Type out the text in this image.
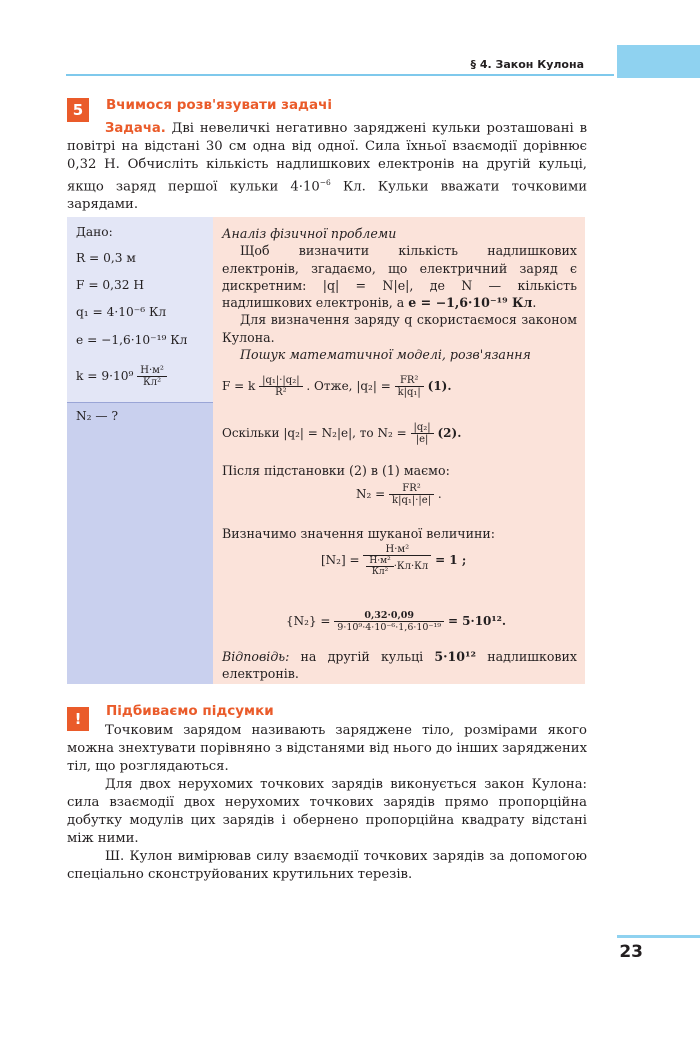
§ 4. Закон Кулона
5	Вчимося розв'язувати задачі

Задача. Дві невеличкі негативно заряджені кульки розташовані в повітрі на відстані 30 см одна від одної. Сила їхньої взаємодії дорівнює 0,32 Н. Обчисліть кількість надлишкових електронів на другій кульці, якщо заряд першої кульки $4\cdot 10^{-6}$ Кл. Кульки вважати точковими зарядами.

Дано:
R = 0,3 м
F = 0,32 Н
q₁ = 4·10⁻⁶ Кл
e = −1,6·10⁻¹⁹ Кл
$k = 9\cdot 10^9 \frac{\text{Н·м²}}{\text{Кл²}}$
N₂ — ?

Аналіз фізичної проблеми

Щоб визначити кількість надлишкових електронів, згадаємо, що електричний заряд є дискретним: |q| = N|e|, де N — кількість надлишкових електронів, а e = −1,6·10⁻¹⁹ Кл.

Для визначення заряду q скористаємося законом Кулона.

Пошук математичної моделі, розв'язання

F = k $\frac{\text{|q₁|·|q₂|}}{\text{R²}}$ . Отже, $|q_2| = \frac{\text{FR²}}{\text{k|q₁|}} (1)$.
Оскільки |q₂| = N₂|e|, то $N_2 = \frac{\text{|q₂|}}{|e|} (2)$.

Після підстановки (2) в (1) маємо:

$N_2 = \frac{\text{FR²}}{\text{k|q₁|·|e|}}$ .

Визначимо значення шуканої величини:

$[N_2] = \frac{\text{Н·м²}}{\frac{\text{Н·м²}}{\text{Кл²}} \cdot Кл\cdot Кл} = 1$ ;
$\{N_2\} = \frac{0,32\cdot 0,09}{\text{9·10⁹·4·10⁻⁶·1,6·10⁻¹⁹}} = 5\cdot 10^{12}$.

Відповідь: на другій кульці 5·10¹² надлишкових електронів.

!	Підбиваємо підсумки

Точковим зарядом називають заряджене тіло, розмірами якого можна знехтувати порівняно з відстанями від нього до інших заряджених тіл, що розглядаються.

Для двох нерухомих точкових зарядів виконується закон Кулона: сила взаємодії двох нерухомих точкових зарядів прямо пропорційна добутку модулів цих зарядів і обернено пропорційна квадрату відстані між ними.

Ш. Кулон вимірював силу взаємодії точкових зарядів за допомогою спеціально сконструйованих крутильних терезів.

23
